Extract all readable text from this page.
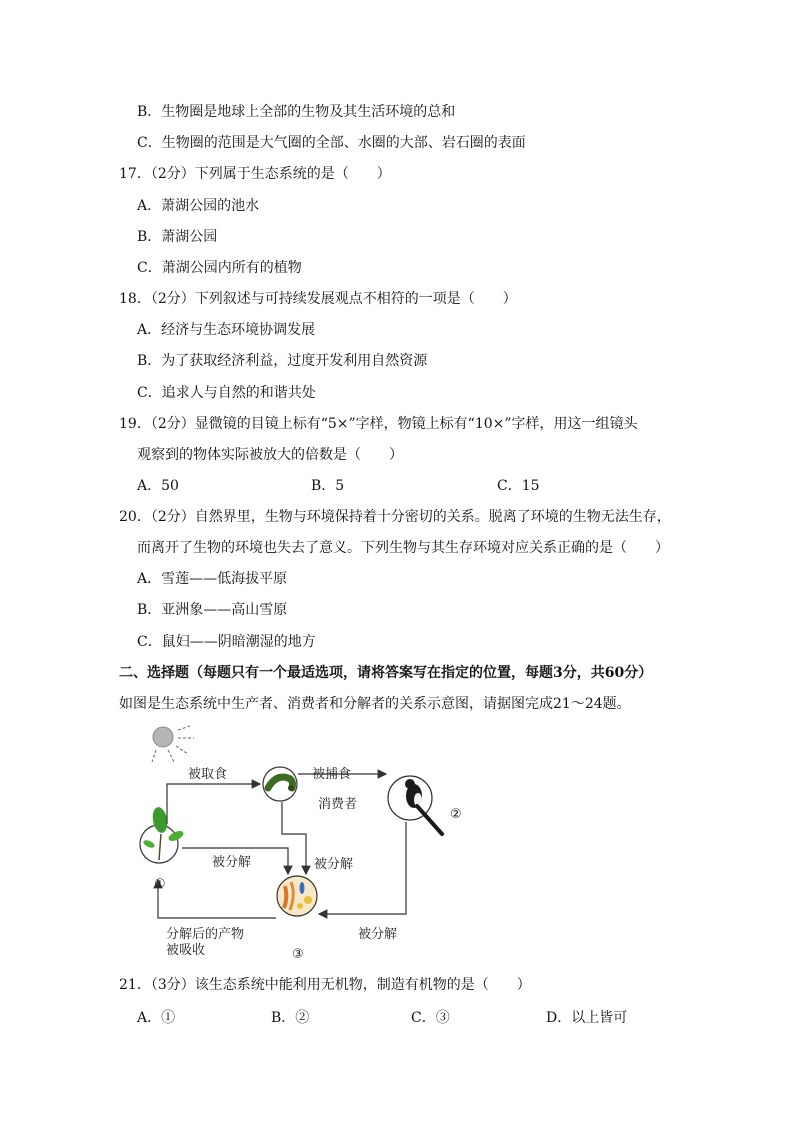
B．生物圈是地球上全部的生物及其生活环境的总和
C．生物圈的范围是大气圈的全部、水圈的大部、岩石圈的表面
17．（2分）下列属于生态系统的是（　　）
A．萧湖公园的池水
B．萧湖公园
C．萧湖公园内所有的植物
18．（2分）下列叙述与可持续发展观点不相符的一项是（　　）
A．经济与生态环境协调发展
B．为了获取经济利益，过度开发利用自然资源
C．追求人与自然的和谐共处
19．（2分）显微镜的目镜上标有“5×”字样，物镜上标有“10×”字样，用这一组镜头
观察到的物体实际被放大的倍数是（　　）
A．50	B．5	C．15
20．（2分）自然界里，生物与环境保持着十分密切的关系。脱离了环境的生物无法生存，
而离开了生物的环境也失去了意义。下列生物与其生存环境对应关系正确的是（　　）
A．雪莲——低海拔平原
B．亚洲象——高山雪原
C．鼠妇——阴暗潮湿的地方
二、选择题（每题只有一个最适选项，请将答案写在指定的位置，每题3分，共60分）
如图是生态系统中生产者、消费者和分解者的关系示意图，请据图完成21～24题。
被取食	被捕食
消费者
被分解	被分解
被分解
分解后的产物
被吸收
①
②
③
21．（3分）该生态系统中能利用无机物，制造有机物的是（　　）
A．①	B．②	C．③	D．以上皆可
